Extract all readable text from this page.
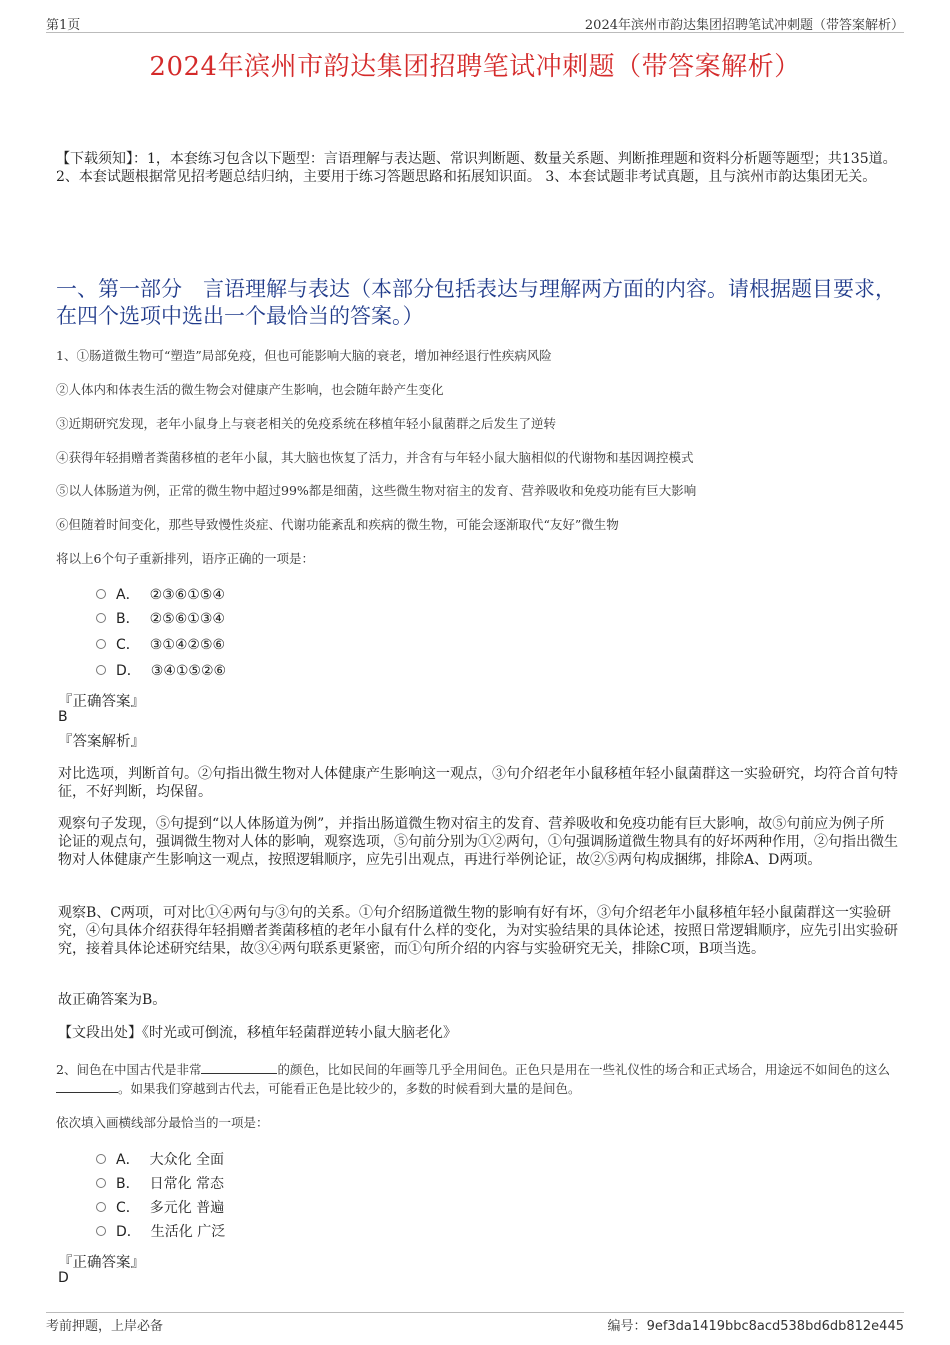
第1页	2024年滨州市韵达集团招聘笔试冲刺题（带答案解析）
2024年滨州市韵达集团招聘笔试冲刺题（带答案解析）
【下载须知】：1，本套练习包含以下题型：言语理解与表达题、常识判断题、数量关系题、判断推理题和资料分析题等题型；共135道。 2、本套试题根据常见招考题总结归纳，主要用于练习答题思路和拓展知识面。 3、本套试题非考试真题，且与滨州市韵达集团无关。
一、第一部分　言语理解与表达（本部分包括表达与理解两方面的内容。请根据题目要求，在四个选项中选出一个最恰当的答案。）
1、①肠道微生物可“塑造”局部免疫，但也可能影响大脑的衰老，增加神经退行性疾病风险
②人体内和体表生活的微生物会对健康产生影响，也会随年龄产生变化
③近期研究发现，老年小鼠身上与衰老相关的免疫系统在移植年轻小鼠菌群之后发生了逆转
④获得年轻捐赠者粪菌移植的老年小鼠，其大脑也恢复了活力，并含有与年轻小鼠大脑相似的代谢物和基因调控模式
⑤以人体肠道为例，正常的微生物中超过99%都是细菌，这些微生物对宿主的发育、营养吸收和免疫功能有巨大影响
⑥但随着时间变化，那些导致慢性炎症、代谢功能紊乱和疾病的微生物，可能会逐渐取代“友好”微生物
将以上6个句子重新排列，语序正确的一项是：
A． ②③⑥①⑤④
B． ②⑤⑥①③④
C． ③①④②⑤⑥
D． ③④①⑤②⑥
『正确答案』
B
『答案解析』
对比选项，判断首句。②句指出微生物对人体健康产生影响这一观点，③句介绍老年小鼠移植年轻小鼠菌群这一实验研究，均符合首句特征，不好判断，均保留。
观察句子发现，⑤句提到“以人体肠道为例”，并指出肠道微生物对宿主的发育、营养吸收和免疫功能有巨大影响，故⑤句前应为例子所论证的观点句，强调微生物对人体的影响，观察选项，⑤句前分别为①②两句，①句强调肠道微生物具有的好坏两种作用，②句指出微生物对人体健康产生影响这一观点，按照逻辑顺序，应先引出观点，再进行举例论证，故②⑤两句构成捆绑，排除A、D两项。
观察B、C两项，可对比①④两句与③句的关系。①句介绍肠道微生物的影响有好有坏，③句介绍老年小鼠移植年轻小鼠菌群这一实验研究，④句具体介绍获得年轻捐赠者粪菌移植的老年小鼠有什么样的变化，为对实验结果的具体论述，按照日常逻辑顺序，应先引出实验研究，接着具体论述研究结果，故③④两句联系更紧密，而①句所介绍的内容与实验研究无关，排除C项，B项当选。
故正确答案为B。
【文段出处】《时光或可倒流，移植年轻菌群逆转小鼠大脑老化》
2、间色在中国古代是非常	的颜色，比如民间的年画等几乎全用间色。正色只是用在一些礼仪性的场合和正式场合，用途远不如间色的这么。如果我们穿越到古代去，可能看正色是比较少的，多数的时候看到大量的是间色。
依次填入画横线部分最恰当的一项是：
A． 大众化 全面
B． 日常化 常态
C． 多元化 普遍
D． 生活化 广泛
『正确答案』
D
考前押题，上岸必备	编号：9ef3da1419bbc8acd538bd6db812e445
